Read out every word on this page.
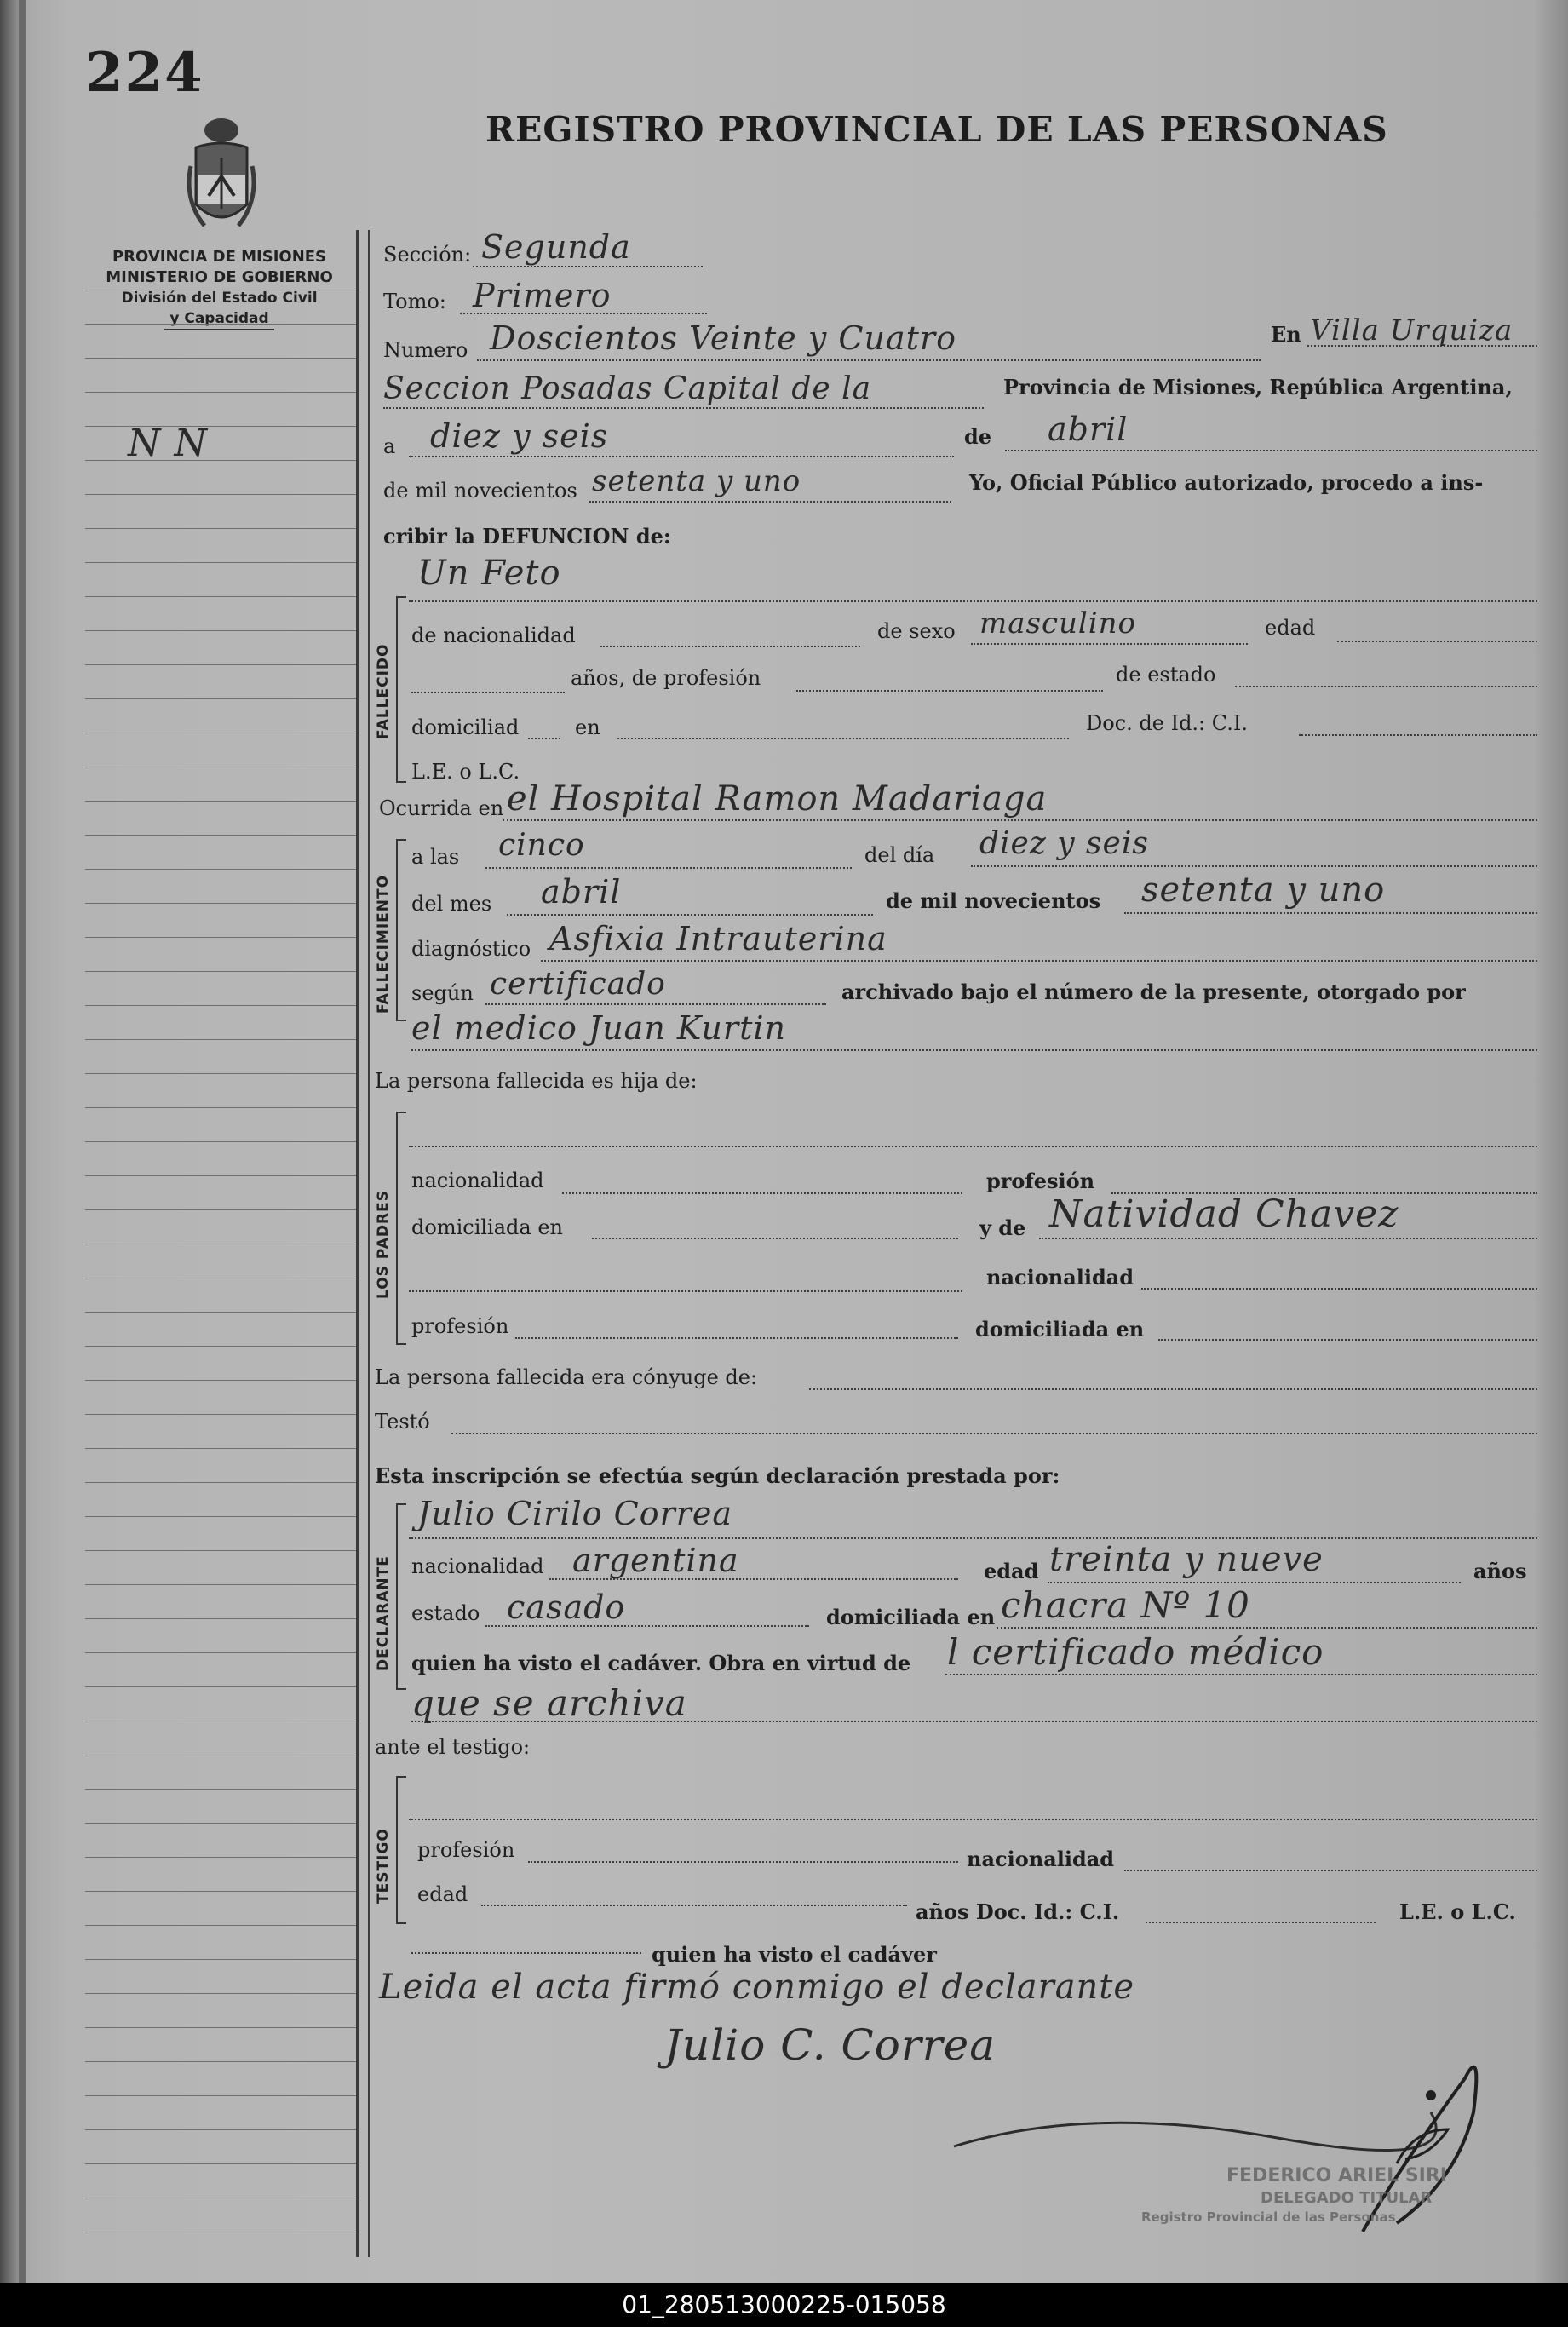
224
REGISTRO PROVINCIAL DE LAS PERSONAS
PROVINCIA DE MISIONES
MINISTERIO DE GOBIERNO
División del Estado Civil
y Capacidad
N N
Sección: Segunda
Tomo: Primero
Numero Doscientos Veinte y Cuatro	En Villa Urquiza
Seccion Posadas Capital de la	Provincia de Misiones, República Argentina,
a diez y seis	de abril
de mil novecientos setenta y uno	Yo, Oficial Público autorizado, procedo a ins-
cribir la DEFUNCION de:
FALLECIDO
Un Feto
de nacionalidad	de sexo masculino	edad
años, de profesión	de estado
domiciliad	en	Doc. de Id.: C.I.
L.E. o L.C.
Ocurrida en el Hospital Ramon Madariaga
FALLECIMIENTO
a las cinco	del día diez y seis
del mes abril	de mil novecientos setenta y uno
diagnóstico Asfixia Intrauterina
según certificado	archivado bajo el número de la presente, otorgado por
el medico Juan Kurtin
La persona fallecida es hija de:
LOS PADRES
nacionalidad	profesión
domiciliada en	y de Natividad Chavez
nacionalidad
profesión	domiciliada en
La persona fallecida era cónyuge de:
Testó
Esta inscripción se efectúa según declaración prestada por:
DECLARANTE
Julio Cirilo Correa
nacionalidad argentina	edad treinta y nueve	años
estado casado	domiciliada en chacra Nº 10
quien ha visto el cadáver. Obra en virtud de l certificado médico
que se archiva
ante el testigo:
TESTIGO profesión	nacionalidad
edad
años Doc. Id.: C.I.	L.E. o L.C.
quien ha visto el cadáver
Leida el acta firmó conmigo el declarante
Julio C. Correa
FEDERICO ARIEL SIRI
DELEGADO TITULAR
Registro Provincial de las Personas
01_280513000225-015058
